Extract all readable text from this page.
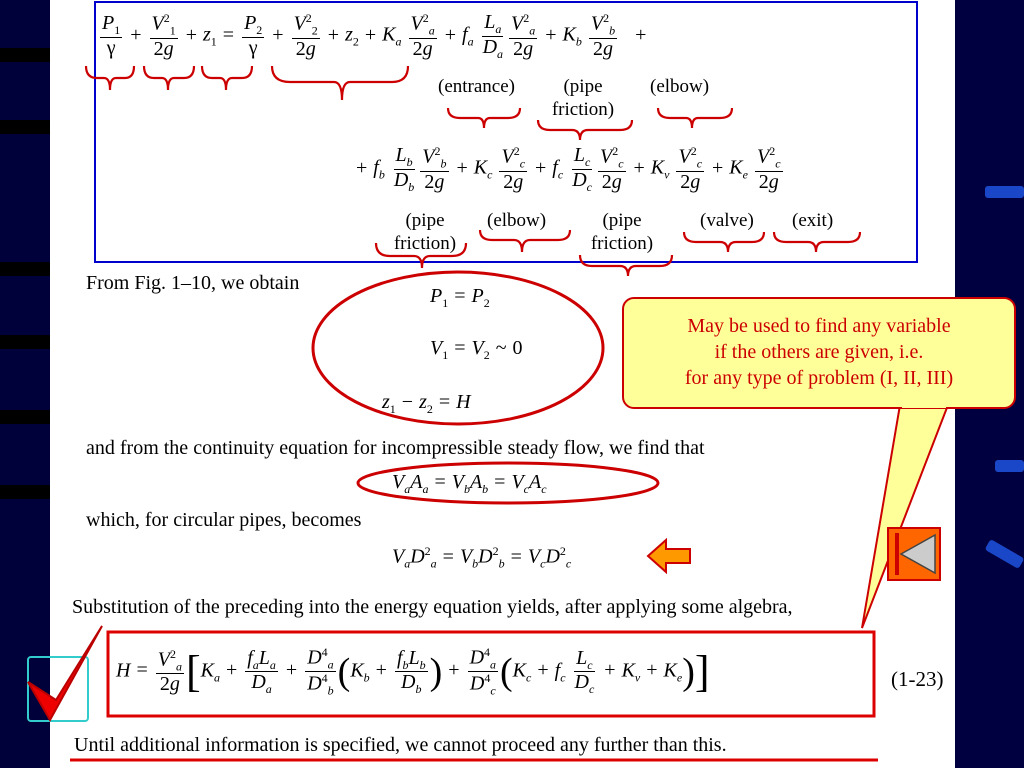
$\frac{P_1}{\gamma} + \frac{V^2_1}{2g} + z_1 = \frac{P_2}{\gamma} + \frac{V^2_2}{2g} + z_2 + K_a \frac{V^2_a}{2g} + f_a \frac{L_a}{D_a} \frac{V^2_a}{2g} + K_b \frac{V^2_b}{2g}$ +
(entrance)	(pipe
friction)
(elbow)
+ $f_b \frac{L_b}{D_b} \frac{V^2_b}{2g} + K_c \frac{V^2_c}{2g} + f_c \frac{L_c}{D_c} \frac{V^2_c}{2g} + K_v \frac{V^2_c}{2g} + K_e \frac{V^2_c}{2g}$
(pipe
friction)
(elbow)	(pipe
friction)
(valve) (exit)
From Fig. 1–10, we obtain
$P_1 = P_2$
$V_1 = V_2$ ~ 0
$z_1 - z_2 = H$
and from the continuity equation for incompressible steady flow, we find that
$V_aA_a = V_bA_b = V_cA_c$
which, for circular pipes, becomes
$V_aD^2_a = V_bD^2_b = V_cD^2_c$
Substitution of the preceding into the energy equation yields, after applying some algebra,
$H = \frac{V^2_a}{2g} [K_a + \frac{f_aL_a}{D_a} + \frac{D^4_a}{D^4_b} (K_b + \frac{f_bL_b}{D_b}$ ) + $\frac{D^4_a}{D^4_c} (K_c + f_c \frac{L_c}{D_c} + K_v + K_e)$]
Until additional information is specified, we cannot proceed any further than this.
(1-23)
May be used to find any variable
if the others are given, i.e.
for any type of problem (I, II, III)
